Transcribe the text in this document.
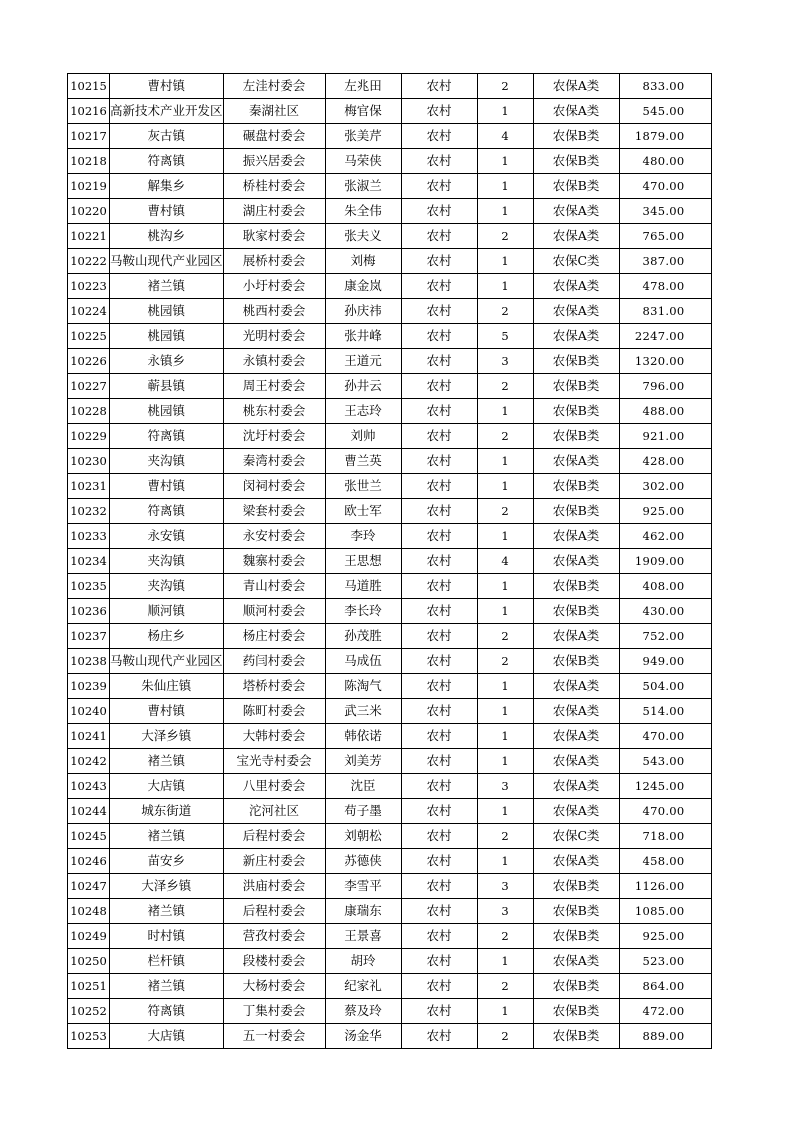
10215	曹村镇	左洼村委会	左兆田	农村	2	农保A类	833.00
10216	高新技术产业开发区	秦湖社区	梅官保	农村	1	农保A类	545.00
10217	灰古镇	碾盘村委会	张美芹	农村	4	农保B类	1879.00
10218	符离镇	振兴居委会	马荣侠	农村	1	农保B类	480.00
10219	解集乡	桥桂村委会	张淑兰	农村	1	农保B类	470.00
10220	曹村镇	湖庄村委会	朱全伟	农村	1	农保A类	345.00
10221	桃沟乡	耿家村委会	张夫义	农村	2	农保A类	765.00
10222	马鞍山现代产业园区	展桥村委会	刘梅	农村	1	农保C类	387.00
10223	褚兰镇	小圩村委会	康金岚	农村	1	农保A类	478.00
10224	桃园镇	桃西村委会	孙庆祎	农村	2	农保A类	831.00
10225	桃园镇	光明村委会	张井峰	农村	5	农保A类	2247.00
10226	永镇乡	永镇村委会	王道元	农村	3	农保B类	1320.00
10227	蕲县镇	周王村委会	孙井云	农村	2	农保B类	796.00
10228	桃园镇	桃东村委会	王志玲	农村	1	农保B类	488.00
10229	符离镇	沈圩村委会	刘帅	农村	2	农保B类	921.00
10230	夹沟镇	秦湾村委会	曹兰英	农村	1	农保A类	428.00
10231	曹村镇	闵祠村委会	张世兰	农村	1	农保B类	302.00
10232	符离镇	梁套村委会	欧士军	农村	2	农保B类	925.00
10233	永安镇	永安村委会	李玲	农村	1	农保A类	462.00
10234	夹沟镇	魏寨村委会	王思想	农村	4	农保A类	1909.00
10235	夹沟镇	青山村委会	马道胜	农村	1	农保B类	408.00
10236	顺河镇	顺河村委会	李长玲	农村	1	农保B类	430.00
10237	杨庄乡	杨庄村委会	孙茂胜	农村	2	农保A类	752.00
10238	马鞍山现代产业园区	药闫村委会	马成伍	农村	2	农保B类	949.00
10239	朱仙庄镇	塔桥村委会	陈淘气	农村	1	农保A类	504.00
10240	曹村镇	陈町村委会	武三米	农村	1	农保A类	514.00
10241	大泽乡镇	大韩村委会	韩依诺	农村	1	农保A类	470.00
10242	褚兰镇	宝光寺村委会	刘美芳	农村	1	农保A类	543.00
10243	大店镇	八里村委会	沈臣	农村	3	农保A类	1245.00
10244	城东街道	沱河社区	苟子墨	农村	1	农保A类	470.00
10245	褚兰镇	后程村委会	刘朝松	农村	2	农保C类	718.00
10246	苗安乡	新庄村委会	苏德侠	农村	1	农保A类	458.00
10247	大泽乡镇	洪庙村委会	李雪平	农村	3	农保B类	1126.00
10248	褚兰镇	后程村委会	康瑞东	农村	3	农保B类	1085.00
10249	时村镇	营孜村委会	王景喜	农村	2	农保B类	925.00
10250	栏杆镇	段楼村委会	胡玲	农村	1	农保A类	523.00
10251	褚兰镇	大杨村委会	纪家礼	农村	2	农保B类	864.00
10252	符离镇	丁集村委会	蔡及玲	农村	1	农保B类	472.00
10253	大店镇	五一村委会	汤金华	农村	2	农保B类	889.00
